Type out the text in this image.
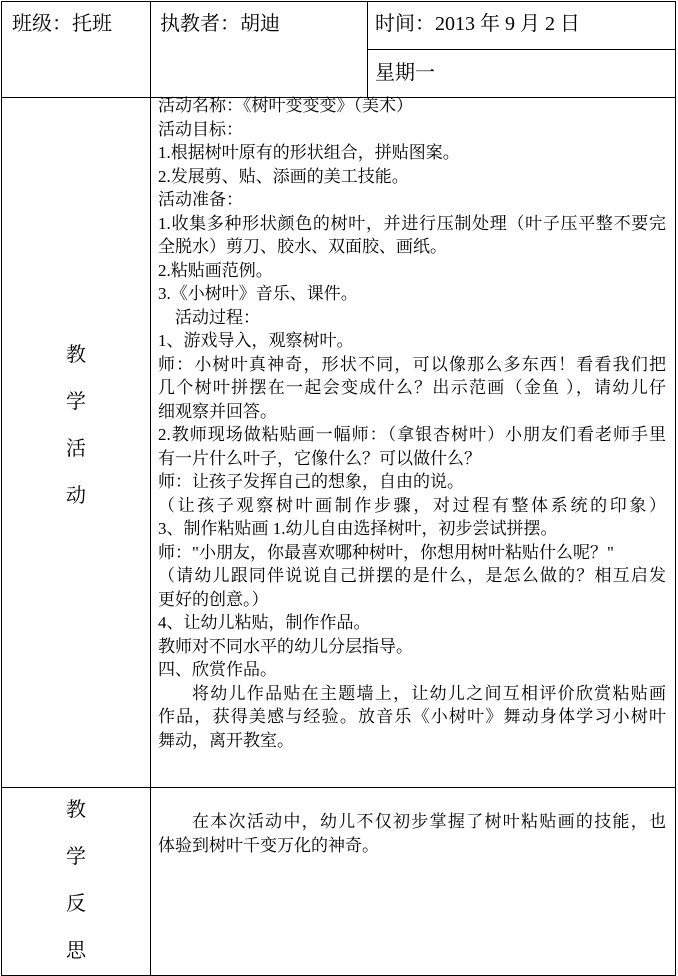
班级：托班 执教者：胡迪	时间：2013 年 9 月 2 日
星期一
教
学
活
动
活动名称：《树叶变变变》（美术）
活动目标：
1.根据树叶原有的形状组合，拼贴图案。
2.发展剪、贴、添画的美工技能。
活动准备：
1.收集多种形状颜色的树叶，并进行压制处理（叶子压平整不要完
全脱水）剪刀、胶水、双面胶、画纸。
2.粘贴画范例。
3.《小树叶》音乐、课件。
活动过程：
1、游戏导入，观察树叶。
师：小树叶真神奇，形状不同，可以像那么多东西！看看我们把
几个树叶拼摆在一起会变成什么？出示范画（金鱼 ），请幼儿仔
细观察并回答。
2.教师现场做粘贴画一幅师：（拿银杏树叶）小朋友们看老师手里
有一片什么叶子，它像什么？可以做什么？
师：让孩子发挥自己的想象，自由的说。
（让孩子观察树叶画制作步骤，对过程有整体系统的印象）
3、制作粘贴画 1.幼儿自由选择树叶，初步尝试拼摆。
师："小朋友，你最喜欢哪种树叶，你想用树叶粘贴什么呢？"
（请幼儿跟同伴说说自己拼摆的是什么，是怎么做的？相互启发
更好的创意。）
4、让幼儿粘贴，制作作品。
教师对不同水平的幼儿分层指导。
四、欣赏作品。
将幼儿作品贴在主题墙上，让幼儿之间互相评价欣赏粘贴画
作品，获得美感与经验。放音乐《小树叶》舞动身体学习小树叶
舞动，离开教室。
教
学
反
思
在本次活动中，幼儿不仅初步掌握了树叶粘贴画的技能，也
体验到树叶千变万化的神奇。
